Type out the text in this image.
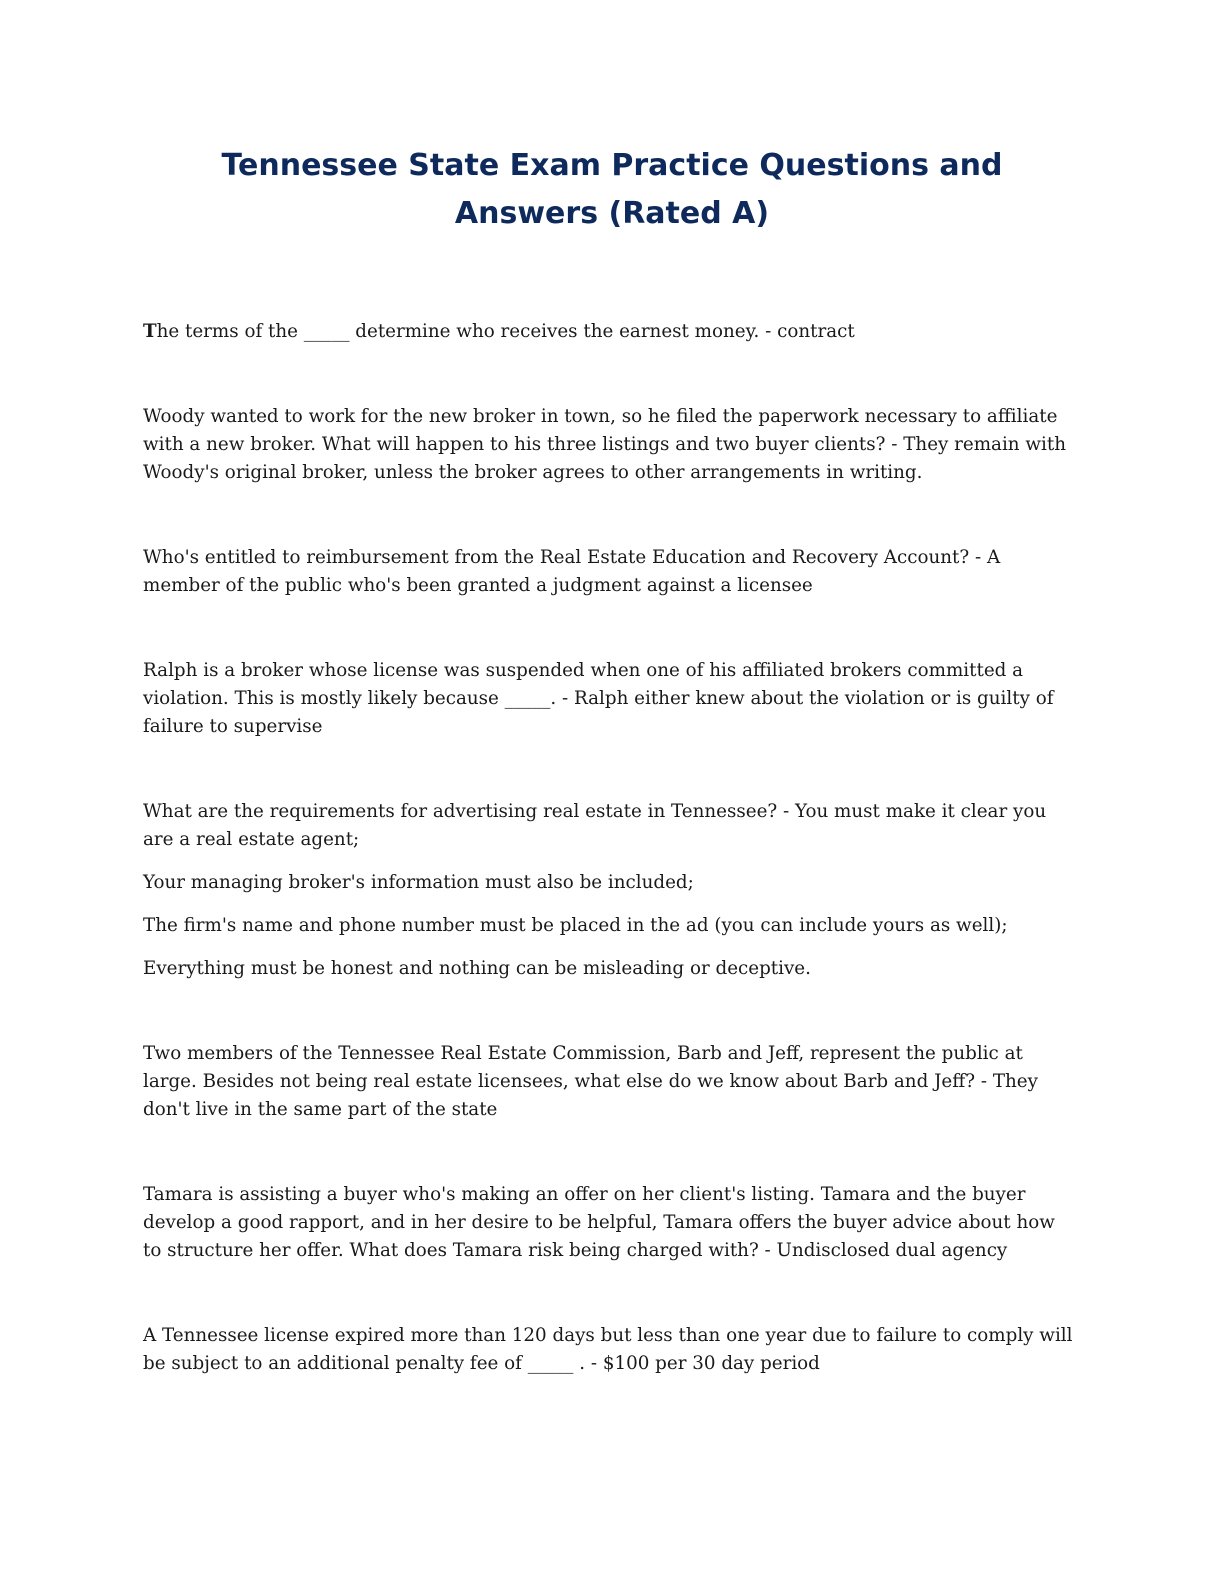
Tennessee State Exam Practice Questions and Answers (Rated A)

The terms of the _____ determine who receives the earnest money. - contract

Woody wanted to work for the new broker in town, so he filed the paperwork necessary to affiliate with a new broker. What will happen to his three listings and two buyer clients? - They remain with Woody's original broker, unless the broker agrees to other arrangements in writing.

Who's entitled to reimbursement from the Real Estate Education and Recovery Account? - A member of the public who's been granted a judgment against a licensee

Ralph is a broker whose license was suspended when one of his affiliated brokers committed a violation. This is mostly likely because _____. - Ralph either knew about the violation or is guilty of failure to supervise

What are the requirements for advertising real estate in Tennessee? - You must make it clear you are a real estate agent;

Your managing broker's information must also be included;

The firm's name and phone number must be placed in the ad (you can include yours as well);

Everything must be honest and nothing can be misleading or deceptive.

Two members of the Tennessee Real Estate Commission, Barb and Jeff, represent the public at large. Besides not being real estate licensees, what else do we know about Barb and Jeff? - They don't live in the same part of the state

Tamara is assisting a buyer who's making an offer on her client's listing. Tamara and the buyer develop a good rapport, and in her desire to be helpful, Tamara offers the buyer advice about how to structure her offer. What does Tamara risk being charged with? - Undisclosed dual agency

A Tennessee license expired more than 120 days but less than one year due to failure to comply will be subject to an additional penalty fee of _____ . - $100 per 30 day period
